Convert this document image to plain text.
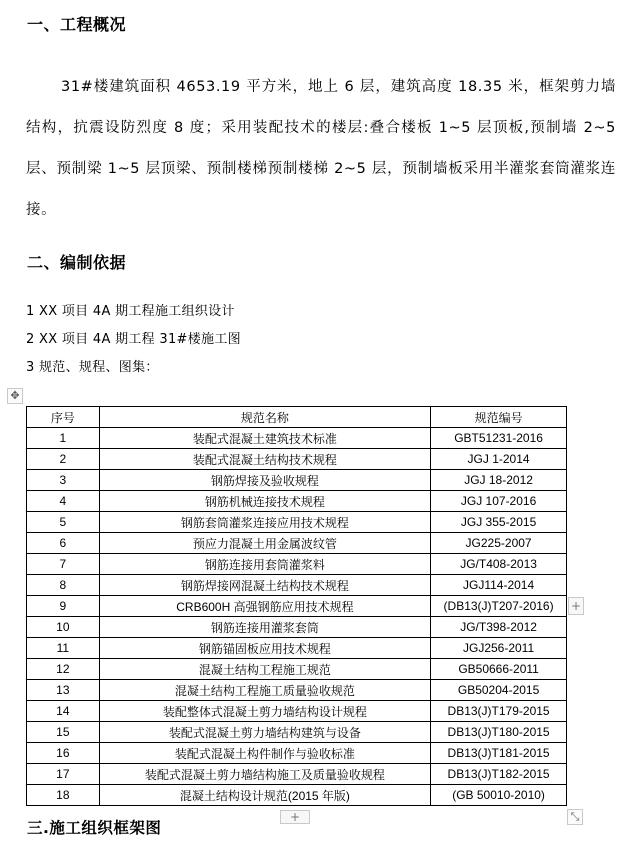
一、工程概况
31#楼建筑面积 4653.19 平方米，地上 6 层，建筑高度 18.35 米，框架剪力墙结构，抗震设防烈度 8 度；采用装配技术的楼层:叠合楼板 1~5 层顶板,预制墙 2~5 层、预制梁 1~5 层顶梁、预制楼梯预制楼梯 2~5 层，预制墙板采用半灌浆套筒灌浆连接。
二、编制依据
1 XX 项目 4A 期工程施工组织设计
2 XX 项目 4A 期工程 31#楼施工图
3 规范、规程、图集：
✥
序号	规范名称	规范编号
1	装配式混凝土建筑技术标准	GBT51231-2016
2	装配式混凝土结构技术规程	JGJ 1-2014
3	钢筋焊接及验收规程	JGJ 18-2012
4	钢筋机械连接技术规程	JGJ 107-2016
5	钢筋套筒灌浆连接应用技术规程	JGJ 355-2015
6	预应力混凝土用金属波纹管	JG225-2007
7	钢筋连接用套筒灌浆料	JG/T408-2013
8	钢筋焊接网混凝土结构技术规程	JGJ114-2014
9	CRB600H 高强钢筋应用技术规程	(DB13(J)T207-2016)
10	钢筋连接用灌浆套筒	JG/T398-2012
11	钢筋锚固板应用技术规程	JGJ256-2011
12	混凝土结构工程施工规范	GB50666-2011
13	混凝土结构工程施工质量验收规范	GB50204-2015
14	装配整体式混凝土剪力墙结构设计规程	DB13(J)T179-2015
15	装配式混凝土剪力墙结构建筑与设备	DB13(J)T180-2015
16	装配式混凝土构件制作与验收标准	DB13(J)T181-2015
17	装配式混凝土剪力墙结构施工及质量验收规程	DB13(J)T182-2015
18	混凝土结构设计规范(2015 年版)	(GB 50010-2010)
+
三.施工组织框架图
+	⤡
